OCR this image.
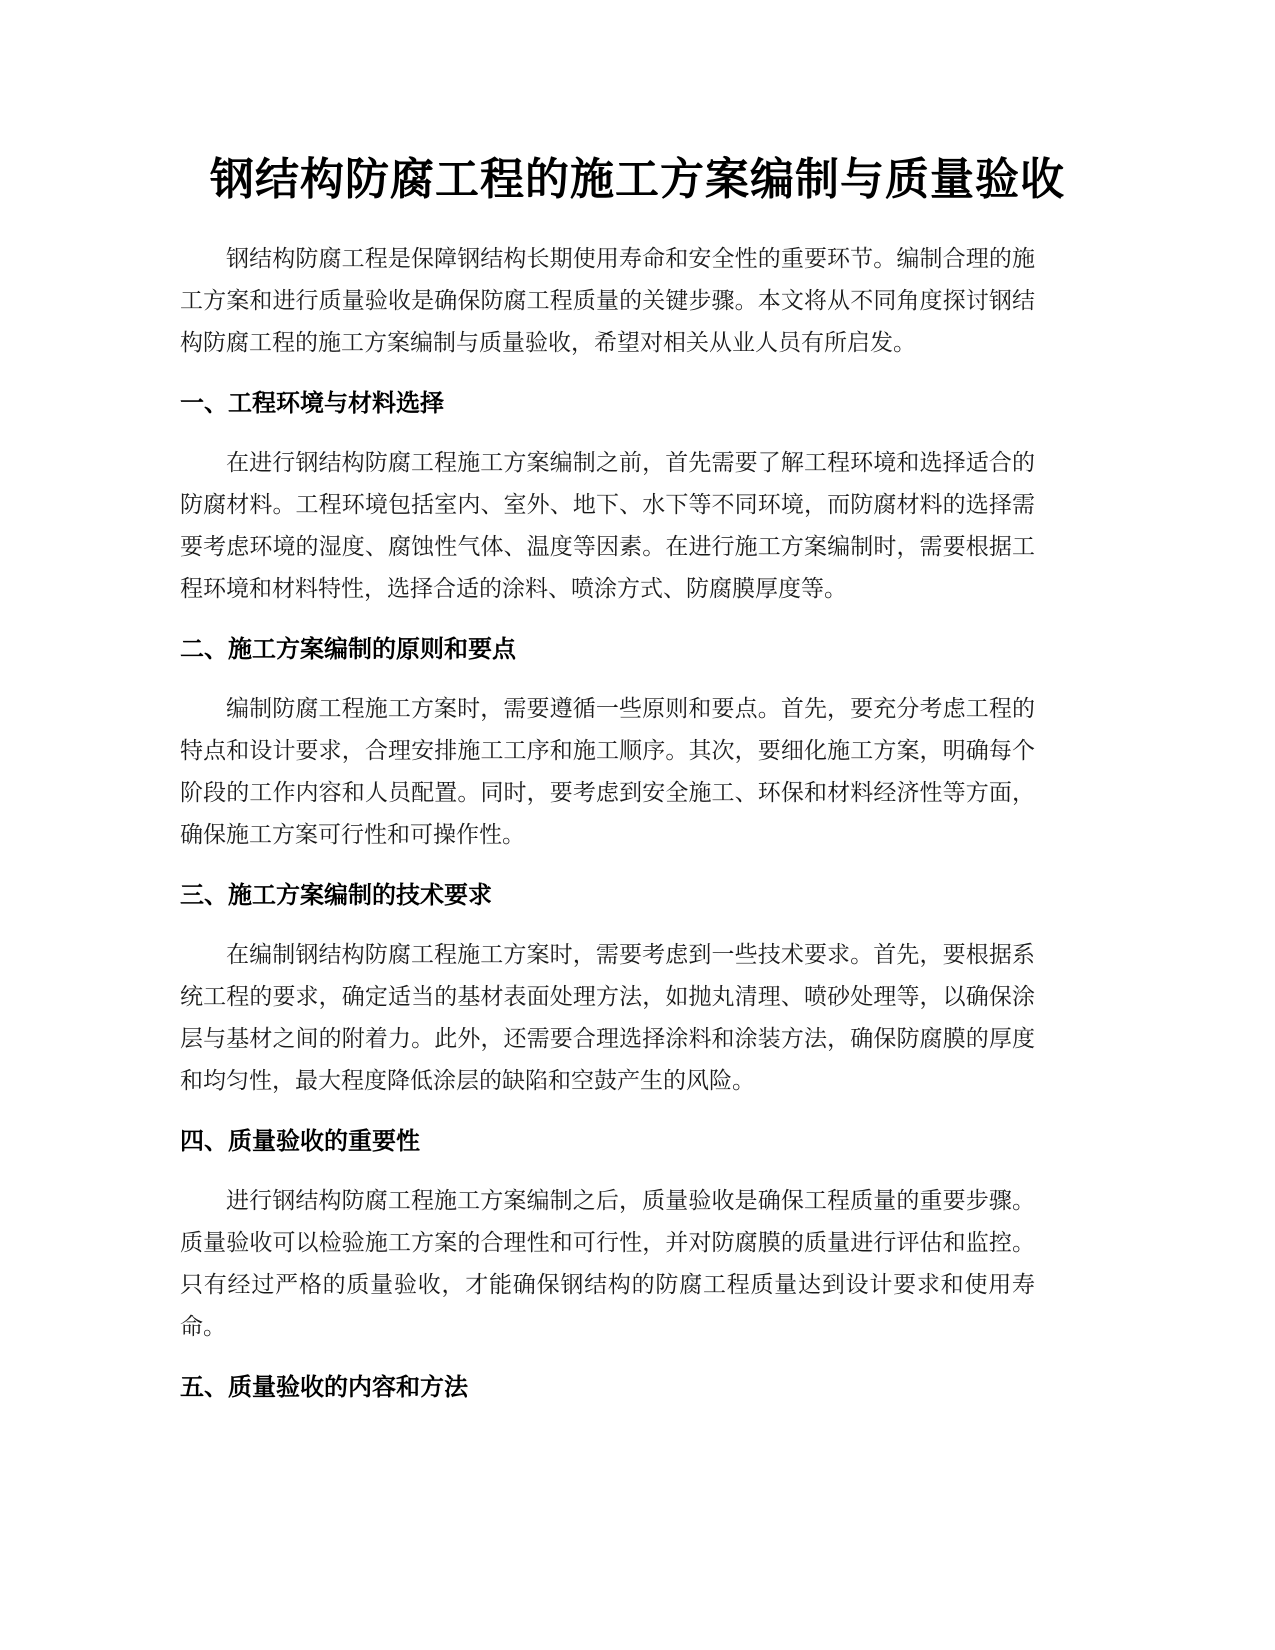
钢结构防腐工程的施工方案编制与质量验收

钢结构防腐工程是保障钢结构长期使用寿命和安全性的重要环节。编制合理的施工方案和进行质量验收是确保防腐工程质量的关键步骤。本文将从不同角度探讨钢结构防腐工程的施工方案编制与质量验收，希望对相关从业人员有所启发。

一、工程环境与材料选择

在进行钢结构防腐工程施工方案编制之前，首先需要了解工程环境和选择适合的防腐材料。工程环境包括室内、室外、地下、水下等不同环境，而防腐材料的选择需要考虑环境的湿度、腐蚀性气体、温度等因素。在进行施工方案编制时，需要根据工程环境和材料特性，选择合适的涂料、喷涂方式、防腐膜厚度等。

二、施工方案编制的原则和要点

编制防腐工程施工方案时，需要遵循一些原则和要点。首先，要充分考虑工程的特点和设计要求，合理安排施工工序和施工顺序。其次，要细化施工方案，明确每个阶段的工作内容和人员配置。同时，要考虑到安全施工、环保和材料经济性等方面，确保施工方案可行性和可操作性。

三、施工方案编制的技术要求

在编制钢结构防腐工程施工方案时，需要考虑到一些技术要求。首先，要根据系统工程的要求，确定适当的基材表面处理方法，如抛丸清理、喷砂处理等，以确保涂层与基材之间的附着力。此外，还需要合理选择涂料和涂装方法，确保防腐膜的厚度和均匀性，最大程度降低涂层的缺陷和空鼓产生的风险。

四、质量验收的重要性

进行钢结构防腐工程施工方案编制之后，质量验收是确保工程质量的重要步骤。质量验收可以检验施工方案的合理性和可行性，并对防腐膜的质量进行评估和监控。只有经过严格的质量验收，才能确保钢结构的防腐工程质量达到设计要求和使用寿命。

五、质量验收的内容和方法
